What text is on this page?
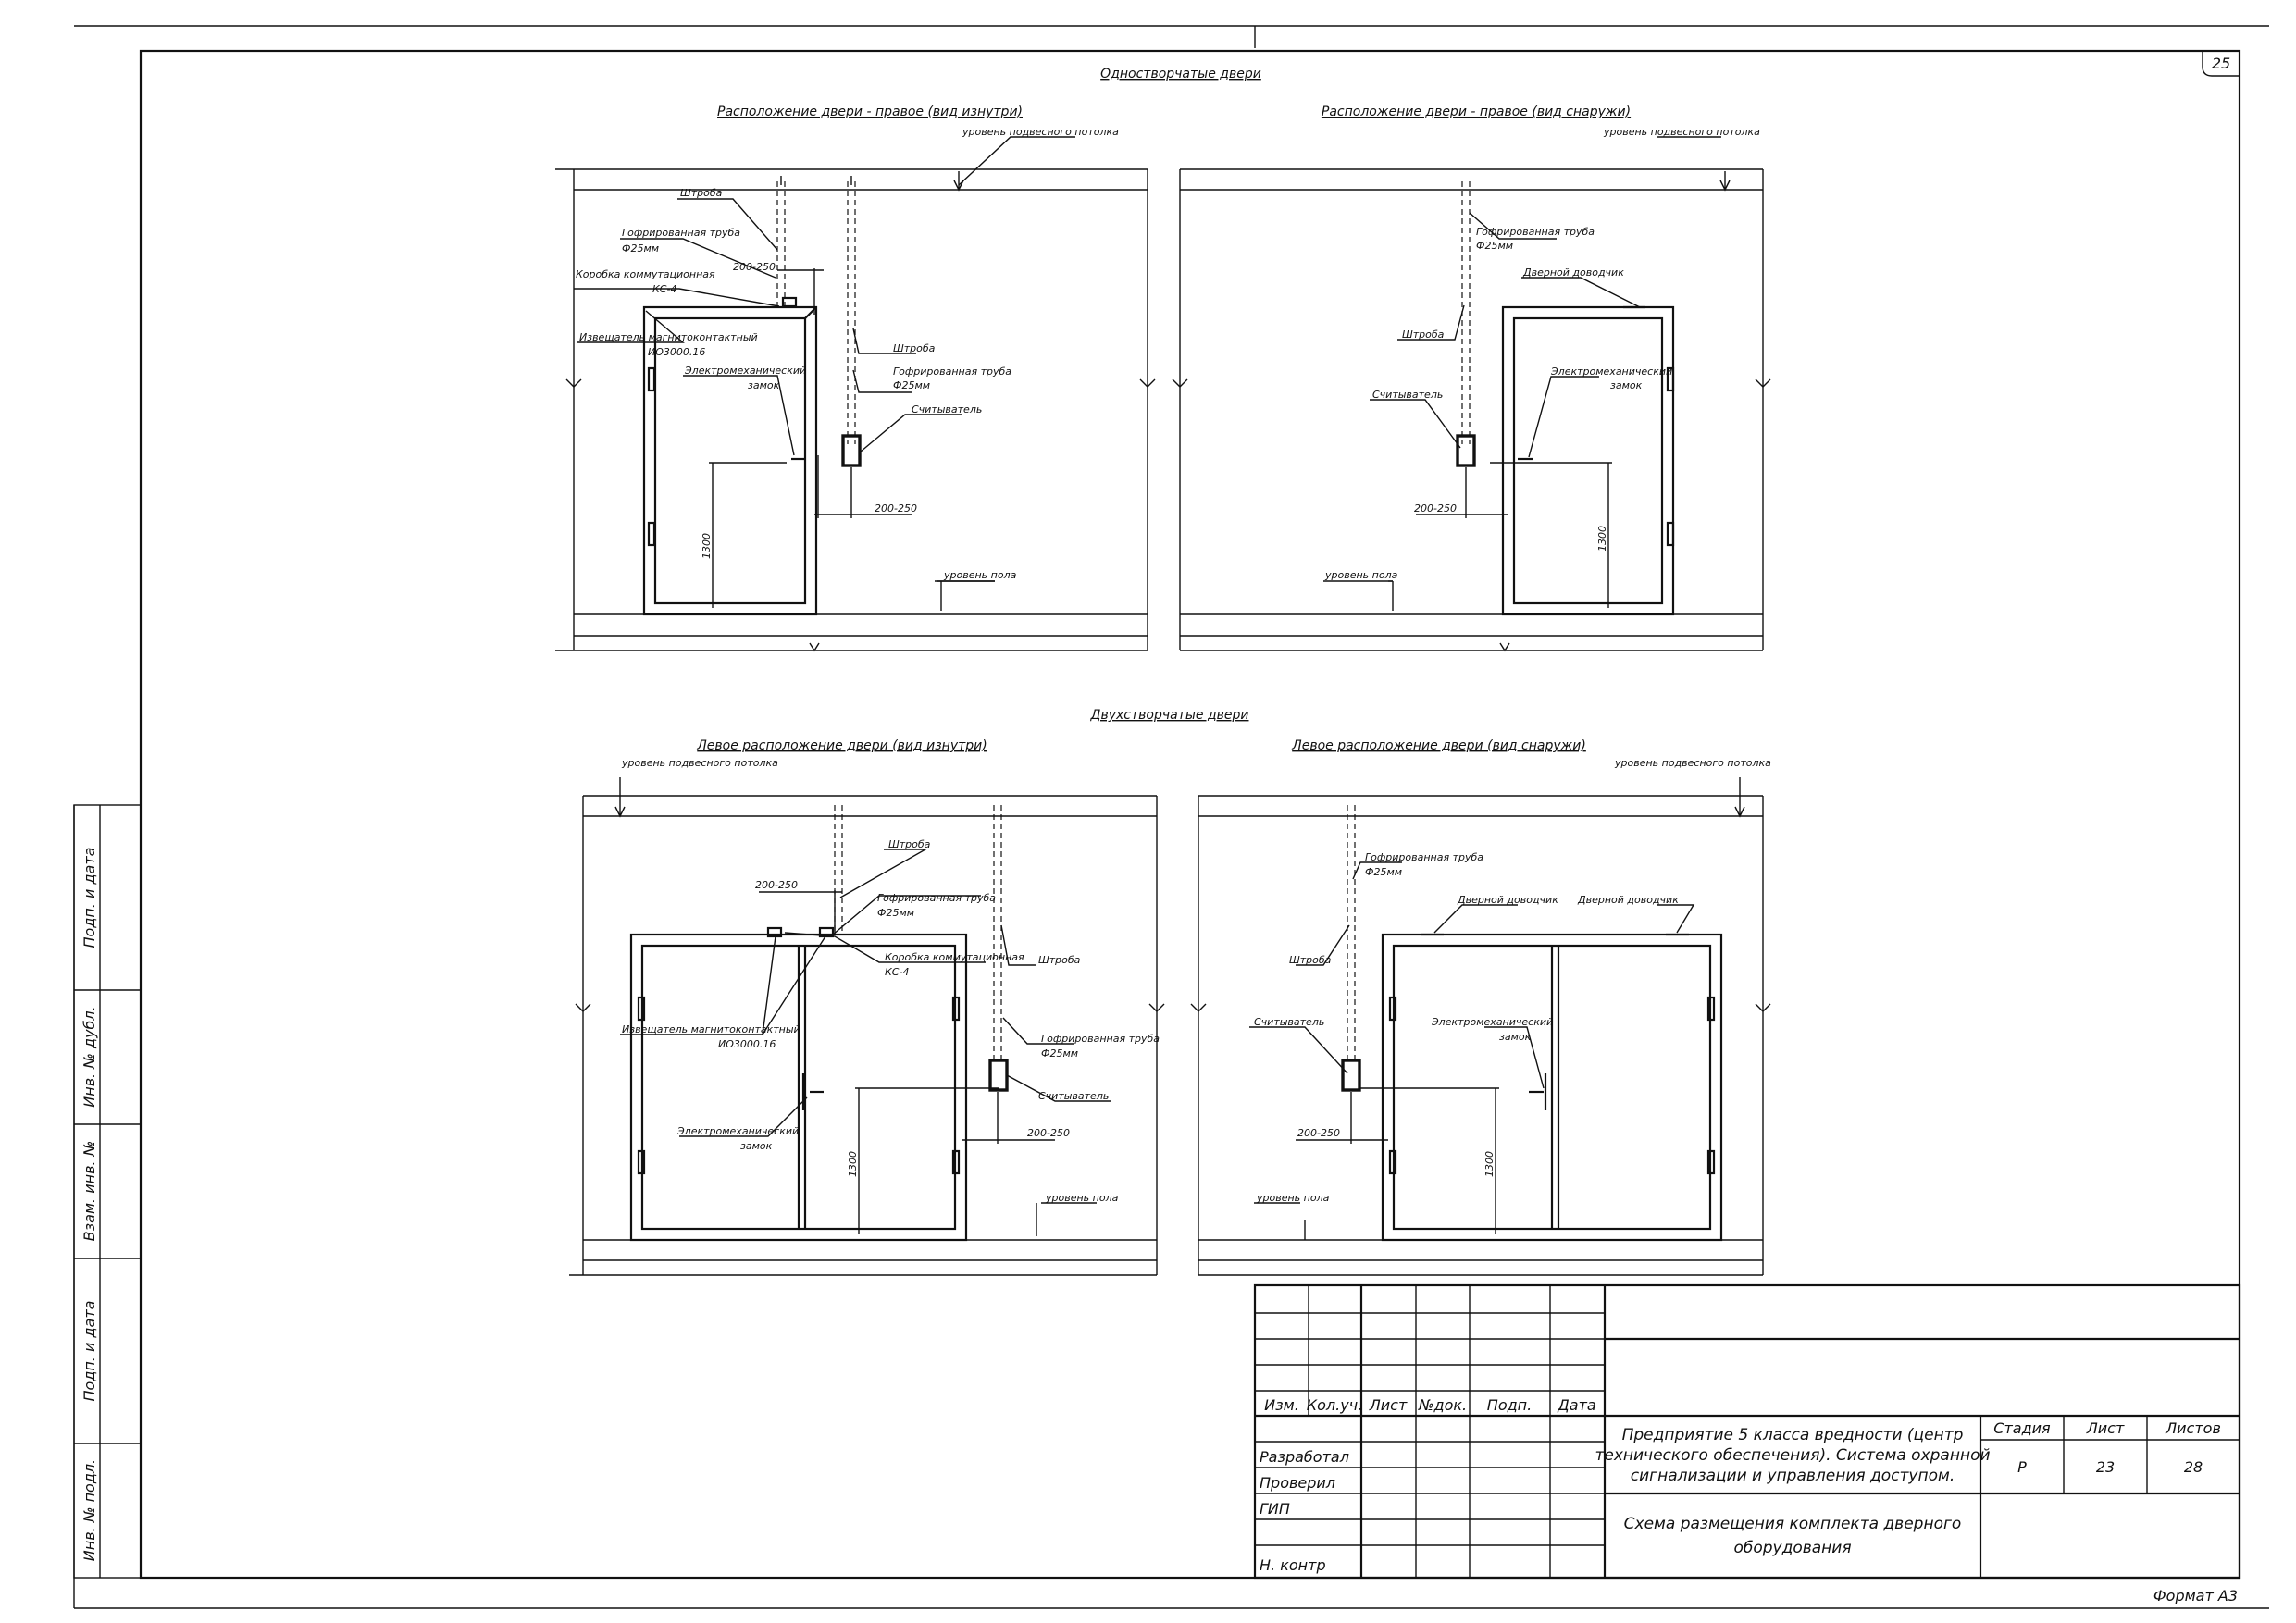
25
Подп. и дата
Инв. № дубл.
Взам. инв. №
Подп. и дата
Инв. № подл.
Одностворчатые двери
Двухстворчатые двери
Расположение двери - правое (вид изнутри)
Штроба
Гофрированная труба
Ф25мм
200-250
Коробка коммутационная
КС-4
Извещатель магнитоконтактный
ИО3000.16
Электромеханический
замок
Штроба
Гофрированная труба
Ф25мм
Считыватель
200-250
1300
уровень подвесного потолка
уровень пола
Расположение двери - правое (вид снаружи)
Гофрированная труба
Ф25мм
Дверной доводчик
Штроба
Считыватель
Электромеханический
замок
200-250
1300
уровень подвесного потолка
уровень пола
Левое расположение двери (вид изнутри)
уровень подвесного потолка
Штроба
200-250
Гофрированная труба
Ф25мм
Коробка коммутационная
КС-4
Штроба
Извещатель магнитоконтактный
ИО3000.16	Гофрированная труба
Ф25мм
Считыватель
Электромеханический
замок
200-250
1300
уровень пола
Левое расположение двери (вид снаружи)
уровень подвесного потолка
Гофрированная труба
Ф25мм
Дверной доводчик Дверной доводчик
Штроба
Считыватель	Электромеханический
замок
200-250
1300
уровень пола
Изм. Кол.уч. Лист №док. Подп. Дата
Разработал
Проверил
ГИП
Н. контр
Предприятие 5 класса вредности (центр
технического обеспечения). Система охранной
сигнализации и управления доступом.
Схема размещения комплекта дверного
оборудования
Стадия Лист	Листов
Р	23	28
Формат А3
